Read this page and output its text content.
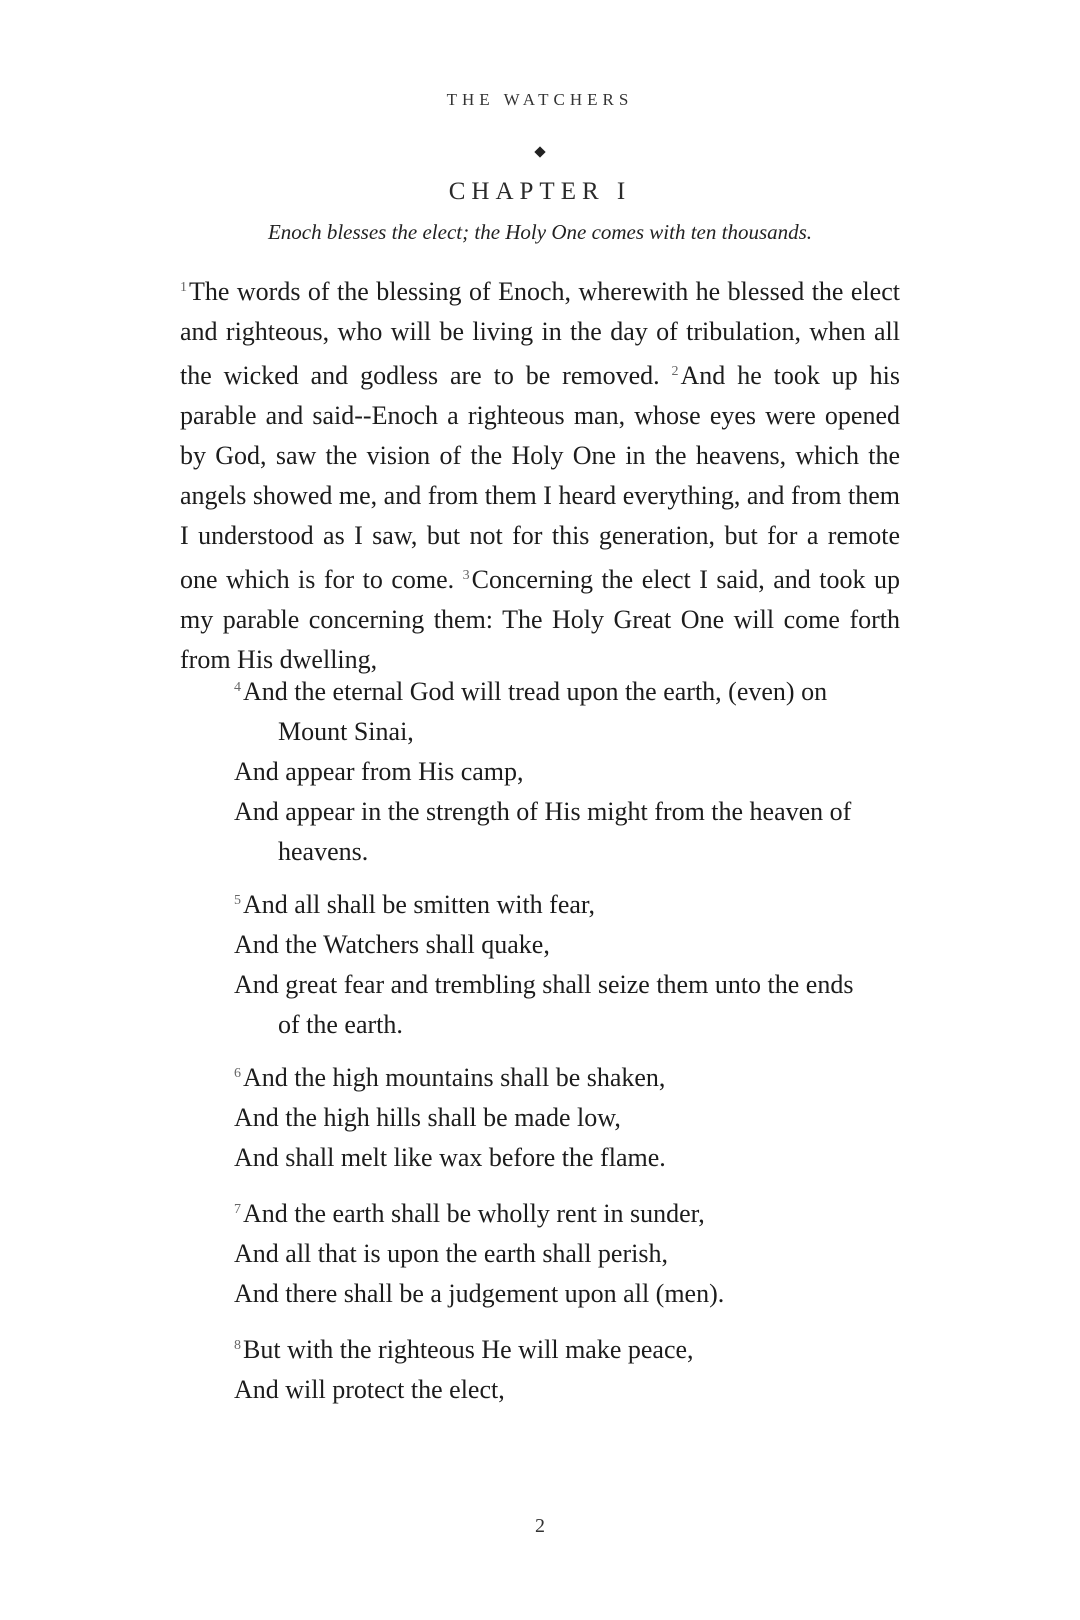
THE WATCHERS
CHAPTER I
Enoch blesses the elect; the Holy One comes with ten thousands.

$^1$The words of the blessing of Enoch, wherewith he blessed the elect and righteous, who will be living in the day of tribulation, when all the wicked and godless are to be removed. $^2$And he took up his parable and said--Enoch a righteous man, whose eyes were opened by God, saw the vision of the Holy One in the heavens, which the angels showed me, and from them I heard everything, and from them I understood as I saw, but not for this generation, but for a remote one which is for to come. $^3$Concerning the elect I said, and took up my parable concerning them: The Holy Great One will come forth from His dwelling,

$^4$And the eternal God will tread upon the earth, (even) on
Mount Sinai,
And appear from His camp,
And appear in the strength of His might from the heaven of
heavens.
$^5$And all shall be smitten with fear,
And the Watchers shall quake,
And great fear and trembling shall seize them unto the ends
of the earth.
$^6$And the high mountains shall be shaken,
And the high hills shall be made low,
And shall melt like wax before the flame.
$^7$And the earth shall be wholly rent in sunder,
And all that is upon the earth shall perish,
And there shall be a judgement upon all (men).
$^8$But with the righteous He will make peace,
And will protect the elect,
2
